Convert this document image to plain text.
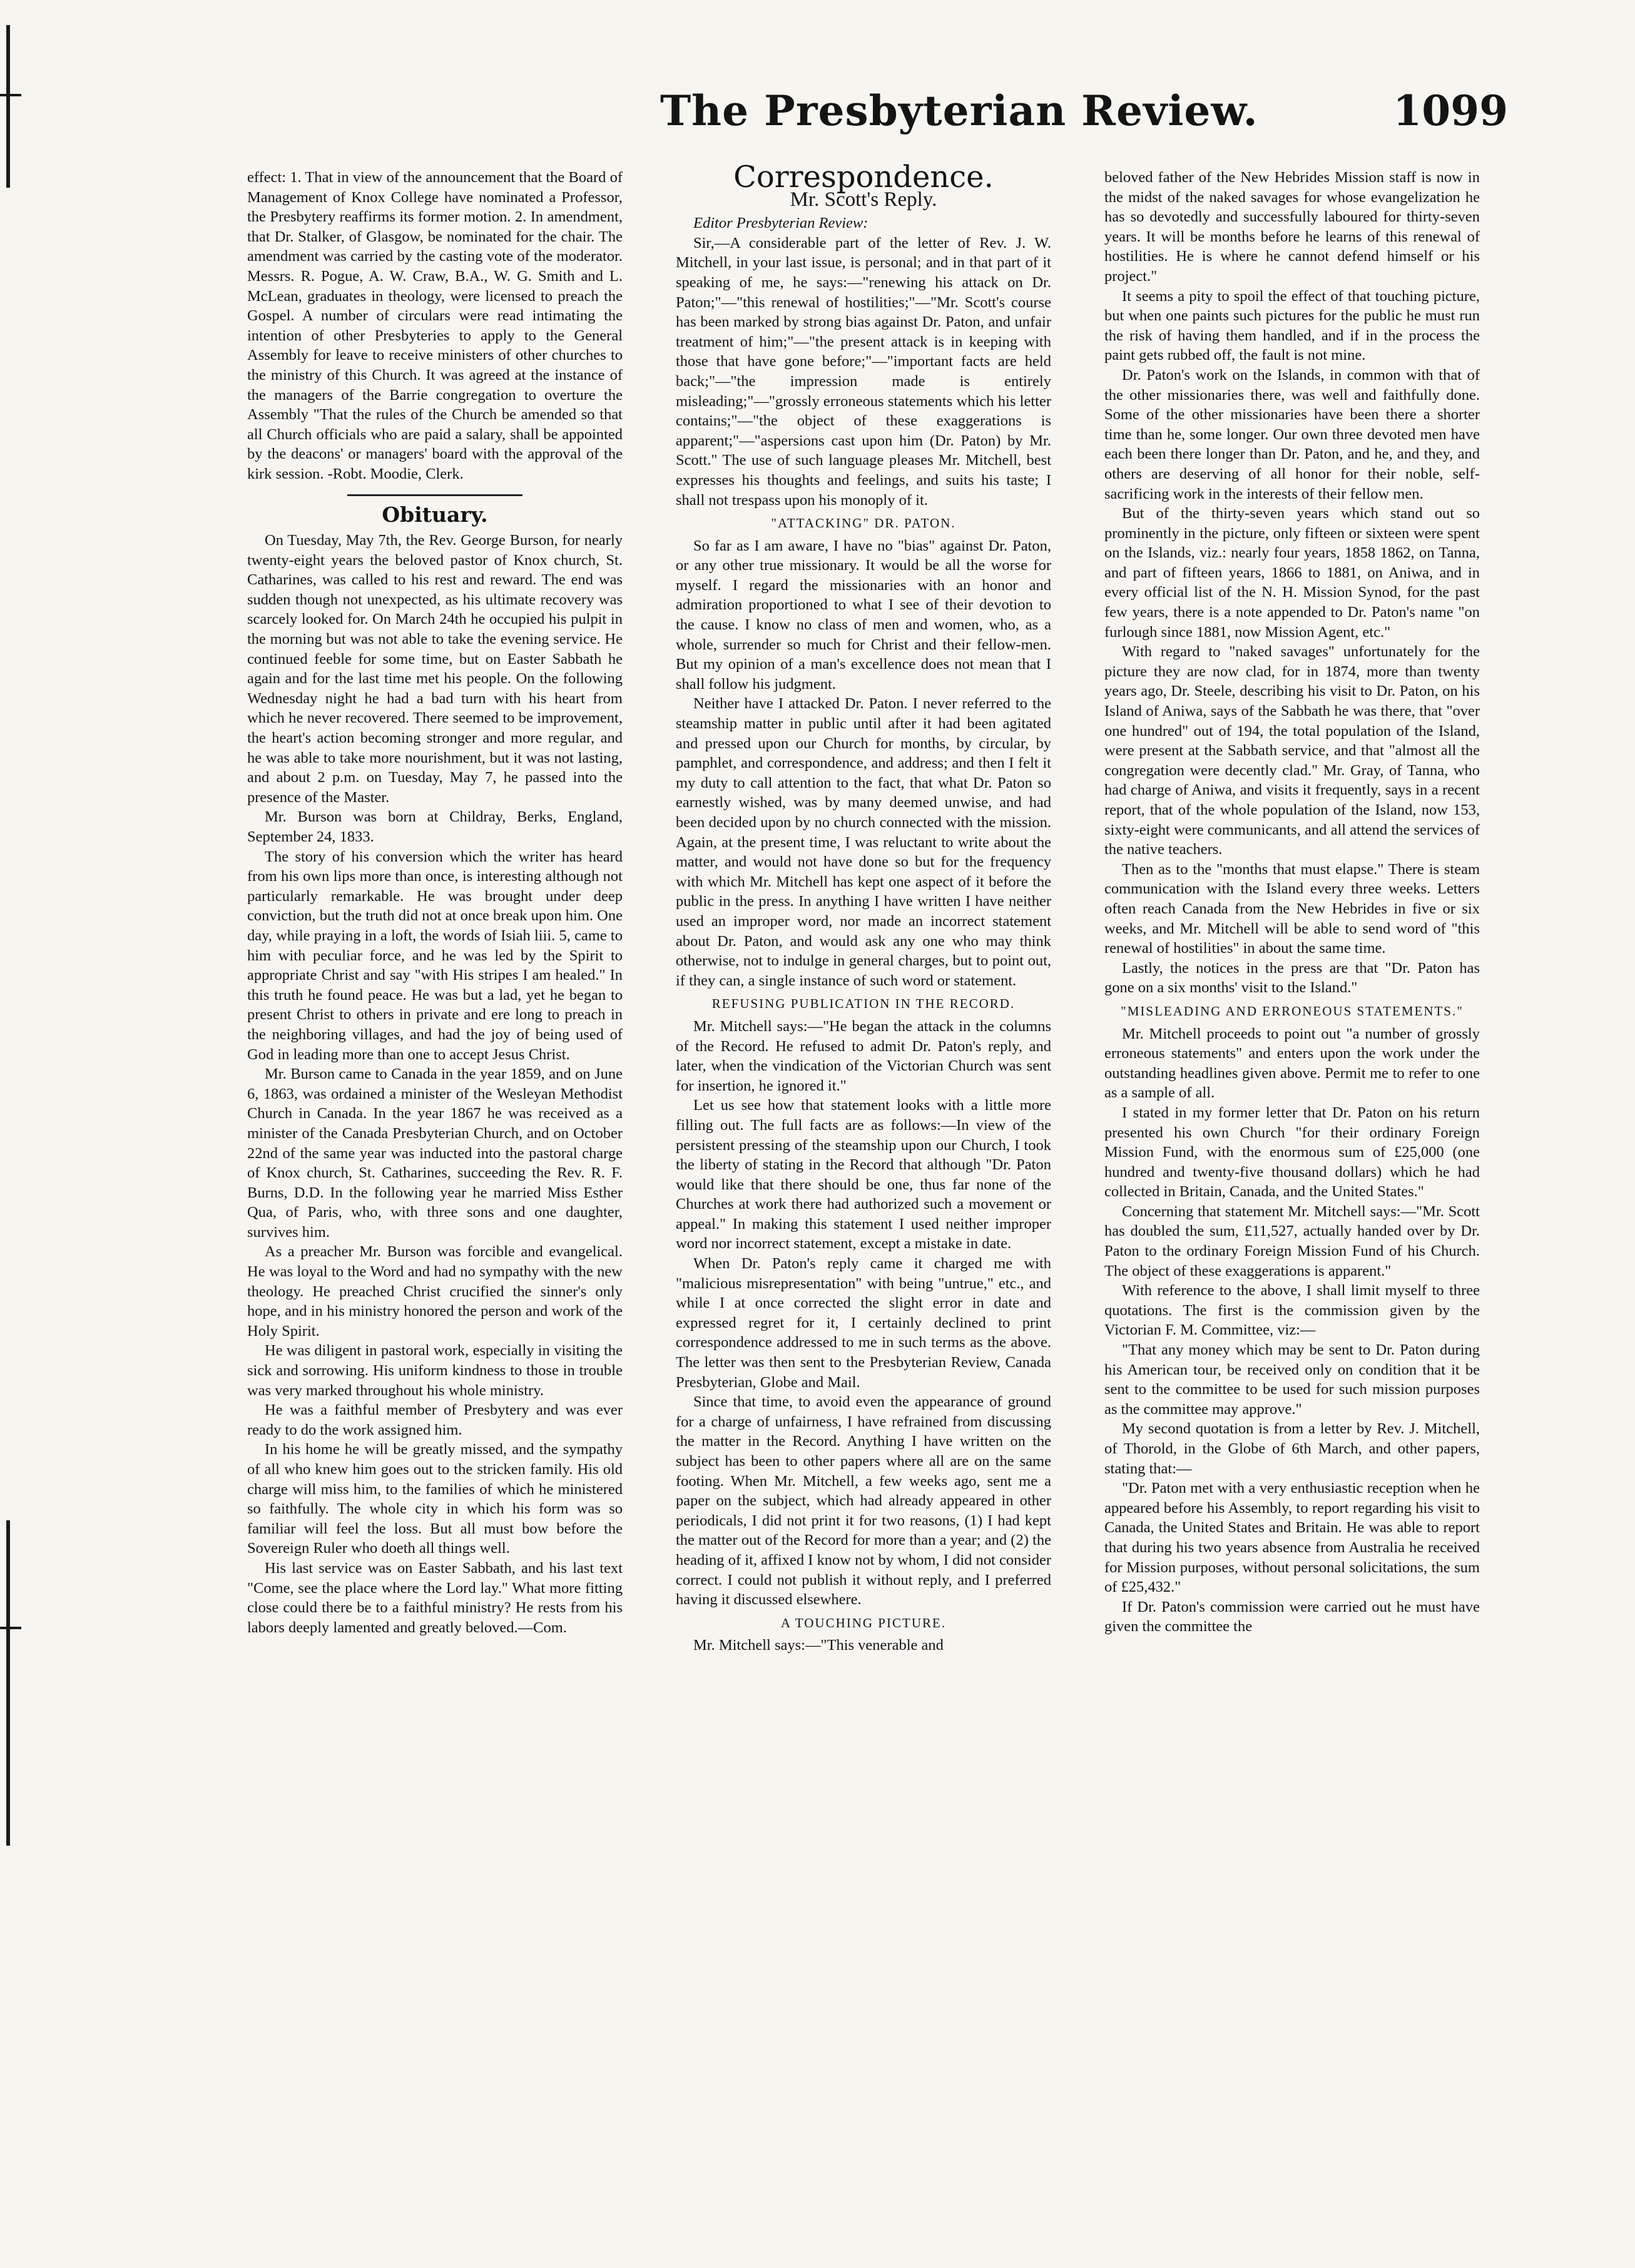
The Presbyterian Review.	1099

effect: 1. That in view of the announcement that the Board of Management of Knox College have nominated a Professor, the Presbytery reaffirms its former motion. 2. In amendment, that Dr. Stalker, of Glasgow, be nominated for the chair. The amendment was carried by the casting vote of the moderator. Messrs. R. Pogue, A. W. Craw, B.A., W. G. Smith and L. McLean, graduates in theology, were licensed to preach the Gospel. A number of circulars were read intimating the intention of other Presbyteries to apply to the General Assembly for leave to receive ministers of other churches to the ministry of this Church. It was agreed at the instance of the managers of the Barrie congregation to overture the Assembly "That the rules of the Church be amended so that all Church officials who are paid a salary, shall be appointed by the deacons' or managers' board with the approval of the kirk session. -Robt. Moodie, Clerk.

Obituary.

On Tuesday, May 7th, the Rev. George Burson, for nearly twenty-eight years the beloved pastor of Knox church, St. Catharines, was called to his rest and reward. The end was sudden though not unexpected, as his ultimate recovery was scarcely looked for. On March 24th he occupied his pulpit in the morning but was not able to take the evening service. He continued feeble for some time, but on Easter Sabbath he again and for the last time met his people. On the following Wednesday night he had a bad turn with his heart from which he never recovered. There seemed to be improvement, the heart's action becoming stronger and more regular, and he was able to take more nourishment, but it was not lasting, and about 2 p.m. on Tuesday, May 7, he passed into the presence of the Master.

Mr. Burson was born at Childray, Berks, England, September 24, 1833.

The story of his conversion which the writer has heard from his own lips more than once, is interesting although not particularly remarkable. He was brought under deep conviction, but the truth did not at once break upon him. One day, while praying in a loft, the words of Isiah liii. 5, came to him with peculiar force, and he was led by the Spirit to appropriate Christ and say "with His stripes I am healed." In this truth he found peace. He was but a lad, yet he began to present Christ to others in private and ere long to preach in the neighboring villages, and had the joy of being used of God in leading more than one to accept Jesus Christ.

Mr. Burson came to Canada in the year 1859, and on June 6, 1863, was ordained a minister of the Wesleyan Methodist Church in Canada. In the year 1867 he was received as a minister of the Canada Presbyterian Church, and on October 22nd of the same year was inducted into the pastoral charge of Knox church, St. Catharines, succeeding the Rev. R. F. Burns, D.D. In the following year he married Miss Esther Qua, of Paris, who, with three sons and one daughter, survives him.

As a preacher Mr. Burson was forcible and evangelical. He was loyal to the Word and had no sympathy with the new theology. He preached Christ crucified the sinner's only hope, and in his ministry honored the person and work of the Holy Spirit.

He was diligent in pastoral work, especially in visiting the sick and sorrowing. His uniform kindness to those in trouble was very marked throughout his whole ministry.

He was a faithful member of Presbytery and was ever ready to do the work assigned him.

In his home he will be greatly missed, and the sympathy of all who knew him goes out to the stricken family. His old charge will miss him, to the families of which he ministered so faithfully. The whole city in which his form was so familiar will feel the loss. But all must bow before the Sovereign Ruler who doeth all things well.

His last service was on Easter Sabbath, and his last text "Come, see the place where the Lord lay." What more fitting close could there be to a faithful ministry? He rests from his labors deeply lamented and greatly beloved.—Com.

Correspondence.
Mr. Scott's Reply.

Editor Presbyterian Review:

Sir,—A considerable part of the letter of Rev. J. W. Mitchell, in your last issue, is personal; and in that part of it speaking of me, he says:—"renewing his attack on Dr. Paton;"—"this renewal of hostilities;"—"Mr. Scott's course has been marked by strong bias against Dr. Paton, and unfair treatment of him;"—"the present attack is in keeping with those that have gone before;"—"important facts are held back;"—"the impression made is entirely misleading;"—"grossly erroneous statements which his letter contains;"—"the object of these exaggerations is apparent;"—"aspersions cast upon him (Dr. Paton) by Mr. Scott." The use of such language pleases Mr. Mitchell, best expresses his thoughts and feelings, and suits his taste; I shall not trespass upon his monoply of it.

"ATTACKING" DR. PATON.

So far as I am aware, I have no "bias" against Dr. Paton, or any other true missionary. It would be all the worse for myself. I regard the missionaries with an honor and admiration proportioned to what I see of their devotion to the cause. I know no class of men and women, who, as a whole, surrender so much for Christ and their fellow-men. But my opinion of a man's excellence does not mean that I shall follow his judgment.

Neither have I attacked Dr. Paton. I never referred to the steamship matter in public until after it had been agitated and pressed upon our Church for months, by circular, by pamphlet, and correspondence, and address; and then I felt it my duty to call attention to the fact, that what Dr. Paton so earnestly wished, was by many deemed unwise, and had been decided upon by no church connected with the mission. Again, at the present time, I was reluctant to write about the matter, and would not have done so but for the frequency with which Mr. Mitchell has kept one aspect of it before the public in the press. In anything I have written I have neither used an improper word, nor made an incorrect statement about Dr. Paton, and would ask any one who may think otherwise, not to indulge in general charges, but to point out, if they can, a single instance of such word or statement.

REFUSING PUBLICATION IN THE RECORD.

Mr. Mitchell says:—"He began the attack in the columns of the Record. He refused to admit Dr. Paton's reply, and later, when the vindication of the Victorian Church was sent for insertion, he ignored it."

Let us see how that statement looks with a little more filling out. The full facts are as follows:—In view of the persistent pressing of the steamship upon our Church, I took the liberty of stating in the Record that although "Dr. Paton would like that there should be one, thus far none of the Churches at work there had authorized such a movement or appeal." In making this statement I used neither improper word nor incorrect statement, except a mistake in date.

When Dr. Paton's reply came it charged me with "malicious misrepresentation" with being "untrue," etc., and while I at once corrected the slight error in date and expressed regret for it, I certainly declined to print correspondence addressed to me in such terms as the above. The letter was then sent to the Presbyterian Review, Canada Presbyterian, Globe and Mail.

Since that time, to avoid even the appearance of ground for a charge of unfairness, I have refrained from discussing the matter in the Record. Anything I have written on the subject has been to other papers where all are on the same footing. When Mr. Mitchell, a few weeks ago, sent me a paper on the subject, which had already appeared in other periodicals, I did not print it for two reasons, (1) I had kept the matter out of the Record for more than a year; and (2) the heading of it, affixed I know not by whom, I did not consider correct. I could not publish it without reply, and I preferred having it discussed elsewhere.

A TOUCHING PICTURE.

Mr. Mitchell says:—"This venerable and

beloved father of the New Hebrides Mission staff is now in the midst of the naked savages for whose evangelization he has so devotedly and successfully laboured for thirty-seven years. It will be months before he learns of this renewal of hostilities. He is where he cannot defend himself or his project."

It seems a pity to spoil the effect of that touching picture, but when one paints such pictures for the public he must run the risk of having them handled, and if in the process the paint gets rubbed off, the fault is not mine.

Dr. Paton's work on the Islands, in common with that of the other missionaries there, was well and faithfully done. Some of the other missionaries have been there a shorter time than he, some longer. Our own three devoted men have each been there longer than Dr. Paton, and he, and they, and others are deserving of all honor for their noble, self-sacrificing work in the interests of their fellow men.

But of the thirty-seven years which stand out so prominently in the picture, only fifteen or sixteen were spent on the Islands, viz.: nearly four years, 1858 1862, on Tanna, and part of fifteen years, 1866 to 1881, on Aniwa, and in every official list of the N. H. Mission Synod, for the past few years, there is a note appended to Dr. Paton's name "on furlough since 1881, now Mission Agent, etc."

With regard to "naked savages" unfortunately for the picture they are now clad, for in 1874, more than twenty years ago, Dr. Steele, describing his visit to Dr. Paton, on his Island of Aniwa, says of the Sabbath he was there, that "over one hundred" out of 194, the total population of the Island, were present at the Sabbath service, and that "almost all the congregation were decently clad." Mr. Gray, of Tanna, who had charge of Aniwa, and visits it frequently, says in a recent report, that of the whole population of the Island, now 153, sixty-eight were communicants, and all attend the services of the native teachers.

Then as to the "months that must elapse." There is steam communication with the Island every three weeks. Letters often reach Canada from the New Hebrides in five or six weeks, and Mr. Mitchell will be able to send word of "this renewal of hostilities" in about the same time.

Lastly, the notices in the press are that "Dr. Paton has gone on a six months' visit to the Island."

"MISLEADING AND ERRONEOUS STATEMENTS."

Mr. Mitchell proceeds to point out "a number of grossly erroneous statements" and enters upon the work under the outstanding headlines given above. Permit me to refer to one as a sample of all.

I stated in my former letter that Dr. Paton on his return presented his own Church "for their ordinary Foreign Mission Fund, with the enormous sum of £25,000 (one hundred and twenty-five thousand dollars) which he had collected in Britain, Canada, and the United States."

Concerning that statement Mr. Mitchell says:—"Mr. Scott has doubled the sum, £11,527, actually handed over by Dr. Paton to the ordinary Foreign Mission Fund of his Church. The object of these exaggerations is apparent."

With reference to the above, I shall limit myself to three quotations. The first is the commission given by the Victorian F. M. Committee, viz:—

"That any money which may be sent to Dr. Paton during his American tour, be received only on condition that it be sent to the committee to be used for such mission purposes as the committee may approve."

My second quotation is from a letter by Rev. J. Mitchell, of Thorold, in the Globe of 6th March, and other papers, stating that:—

"Dr. Paton met with a very enthusiastic reception when he appeared before his Assembly, to report regarding his visit to Canada, the United States and Britain. He was able to report that during his two years absence from Australia he received for Mission purposes, without personal solicitations, the sum of £25,432."

If Dr. Paton's commission were carried out he must have given the committee the
